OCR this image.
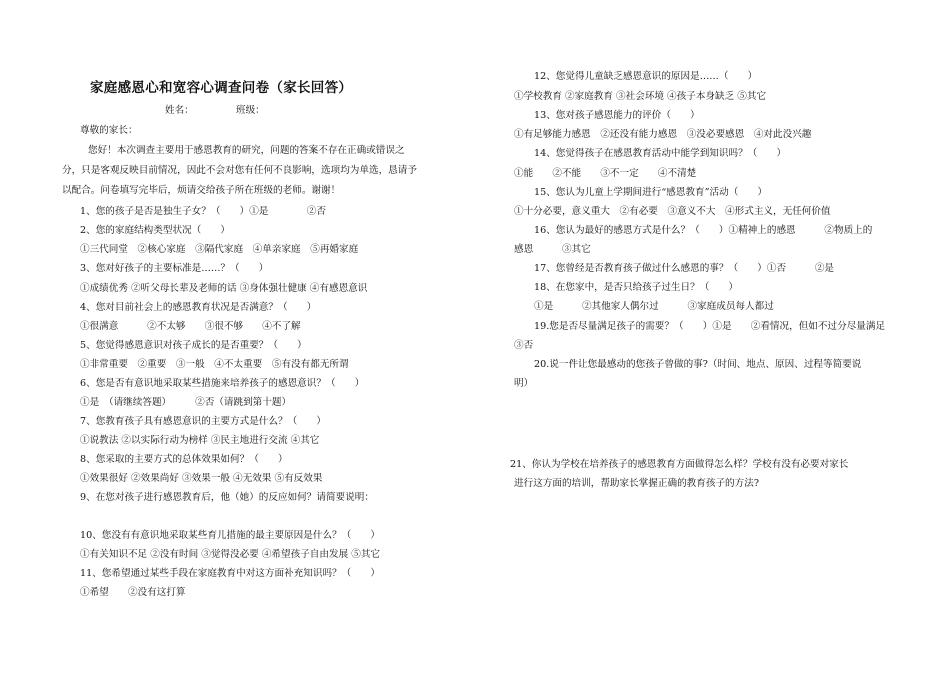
家庭感恩心和宽容心调查问卷（家长回答）
姓名：	班级：
尊敬的家长：
您好！本次调查主要用于感恩教育的研究，问题的答案不存在正确或错误之
分，只是客观反映目前情况，因此不会对您有任何不良影响，选项均为单选，恳请予
以配合。问卷填写完毕后，烦请交给孩子所在班级的老师。谢谢！
1、您的孩子是否是独生子女？（　　）①是　　　　②否
2、您的家庭结构类型状况（　　）
①三代同堂　②核心家庭　③隔代家庭　④单亲家庭　⑤再婚家庭
3、您对好孩子的主要标准是……？（　　）
①成绩优秀 ②听父母长辈及老师的话 ③身体强壮健康 ④有感恩意识
4、您对目前社会上的感恩教育状况是否满意？（　　）
①很满意　　　②不太够　　③很不够　　④不了解
5、您觉得感恩意识对孩子成长的是否重要？（　　）
①非常重要　②重要　③一般　④不太重要　⑤有没有都无所谓
6、您是否有意识地采取某些措施来培养孩子的感恩意识？（　　）
①是　（请继续答题）　　　②否（请跳到第十题）
7、您教育孩子具有感恩意识的主要方式是什么？（　　）
①说教法 ②以实际行动为榜样 ③民主地进行交流 ④其它
8、您采取的主要方式的总体效果如何？（　　）
①效果很好 ②效果尚好 ③效果一般 ④无效果 ⑤有反效果
9、在您对孩子进行感恩教育后，他（她）的反应如何？请简要说明：
10、您没有有意识地采取某些育儿措施的最主要原因是什么？（　　）
①有关知识不足 ②没有时间 ③觉得没必要 ④希望孩子自由发展 ⑤其它
11、您希望通过某些手段在家庭教育中对这方面补充知识吗？（　　）
①希望　　②没有这打算
12、您觉得儿童缺乏感恩意识的原因是……（　　）
①学校教育 ②家庭教育 ③社会环境 ④孩子本身缺乏 ⑤其它
13、您对孩子感恩能力的评价（　　）
①有足够能力感恩　②还没有能力感恩　③没必要感恩　④对此没兴趣
14、您觉得孩子在感恩教育活动中能学到知识吗？（　　）
①能　　②不能　　③不一定　　④不清楚
15、您认为儿童上学期间进行“感恩教育”活动（　　）
①十分必要，意义重大　②有必要　③意义不大　④形式主义，无任何价值
16、您认为最好的感恩方式是什么？（　　）①精神上的感恩　　　②物质上的
感恩　　　③其它
17、您曾经是否教育孩子做过什么感恩的事？（　　）①否　　　②是
18、在您家中，是否只给孩子过生日？（　　）
①是　　　②其他家人偶尔过　　　③家庭成员每人都过
19.您是否尽量满足孩子的需要？（　　）①是　　②看情况，但如不过分尽量满足
③否
20.说一件让您最感动的您孩子曾做的事?（时间、地点、原因、过程等简要说
明）
21、你认为学校在培养孩子的感恩教育方面做得怎么样？学校有没有必要对家长
进行这方面的培训，帮助家长掌握正确的教育孩子的方法?
